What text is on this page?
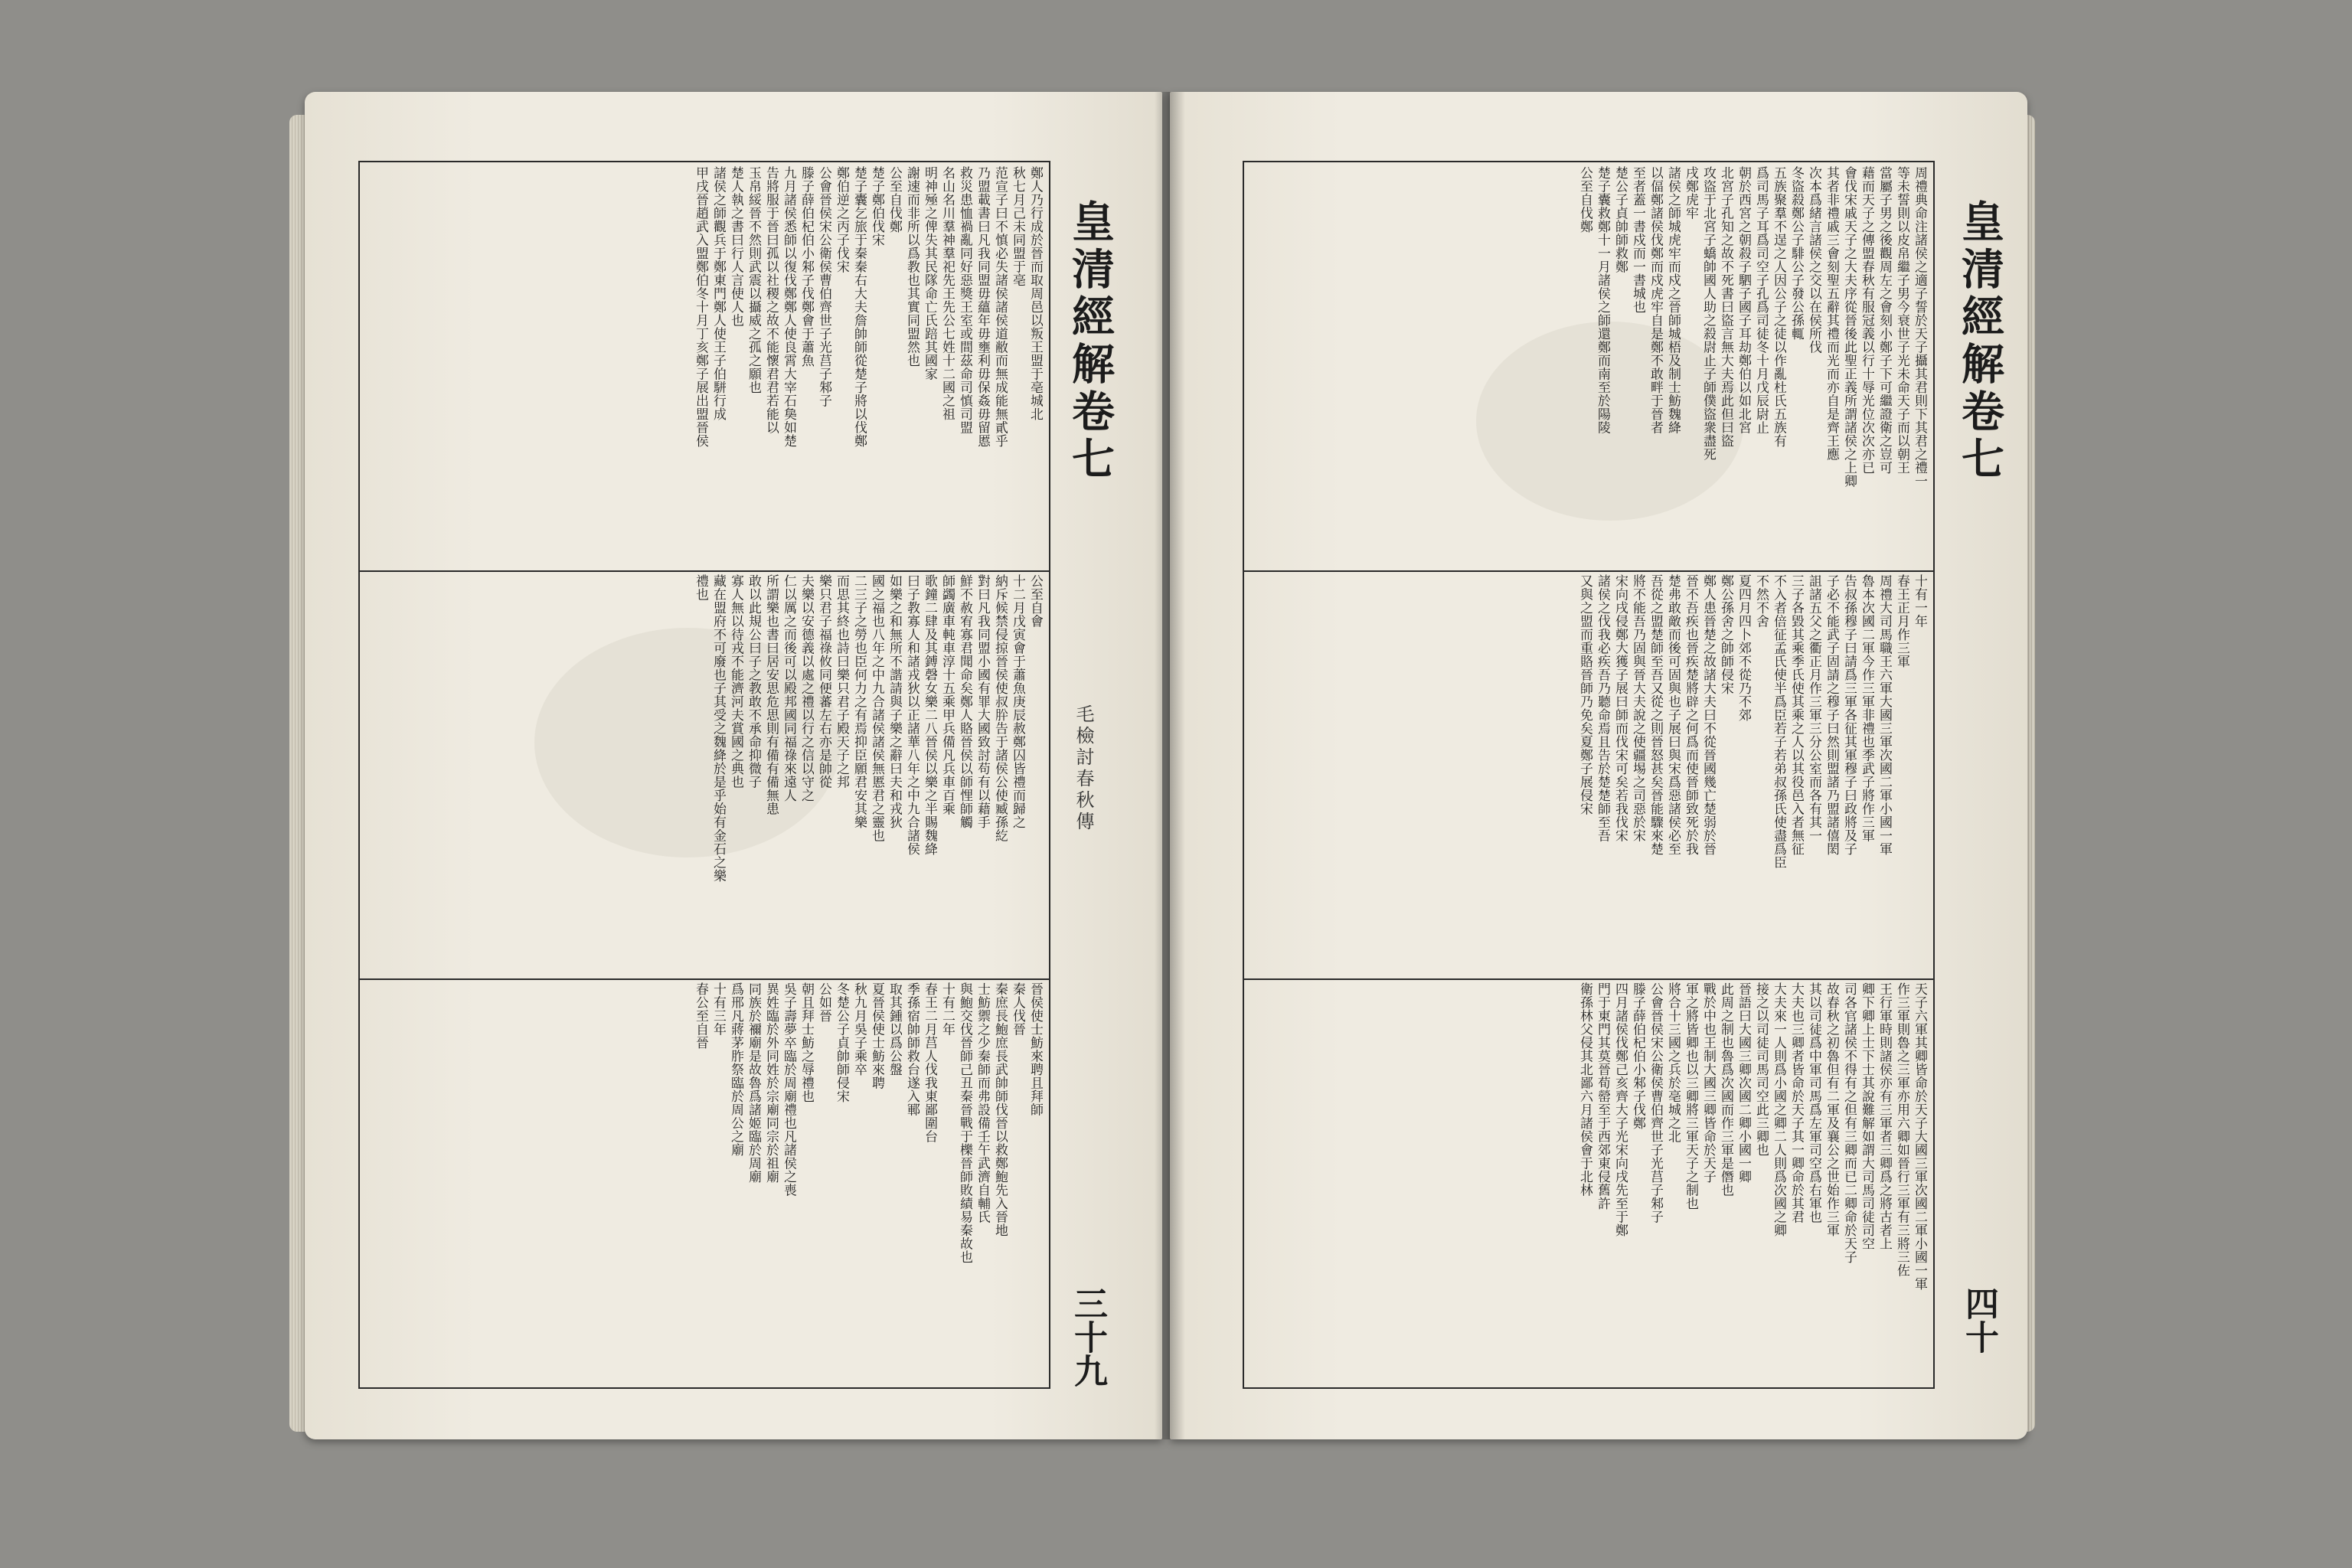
鄭人乃行成於晉而取周邑以叛王盟于亳城北
秋七月己未同盟于亳
范宣子曰不慎必失諸侯諸侯道敝而無成能無貳乎
乃盟載書曰凡我同盟毋蘊年毋壅利毋保姦毋留慝
救災患恤禍亂同好惡獎王室或間茲命司慎司盟
名山名川羣神羣祀先王先公七姓十二國之祖
明神殛之俾失其民隊命亡氏踣其國家
謝速而非所以爲教也其實同盟然也
公至自伐鄭
楚子鄭伯伐宋
楚子囊乞旅于秦秦右大夫詹帥師從楚子將以伐鄭
鄭伯逆之丙子伐宋
公會晉侯宋公衛侯曹伯齊世子光莒子邾子
滕子薛伯杞伯小邾子伐鄭會于蕭魚
九月諸侯悉師以復伐鄭鄭人使良霄大宰石㚟如楚
告將服于晉曰孤以社稷之故不能懷君君若能以
玉帛綏晉不然則武震以攝威之孤之願也
楚人執之書曰行人言使人也
諸侯之師觀兵于鄭東門鄭人使王子伯駢行成
甲戌晉趙武入盟鄭伯冬十月丁亥鄭子展出盟晉侯
公至自會
十二月戊寅會于蕭魚庚辰赦鄭囚皆禮而歸之
納斥候禁侵掠晉侯使叔肸告于諸侯公使臧孫紇
對曰凡我同盟小國有罪大國致討苟有以藉手
鮮不赦宥寡君聞命矣鄭人賂晉侯以師悝師觸
師蠲廣車軘車淳十五乘甲兵備凡兵車百乘
歌鐘二肆及其鎛磬女樂二八晉侯以樂之半賜魏絳
曰子教寡人和諸戎狄以正諸華八年之中九合諸侯
如樂之和無所不諧請與子樂之辭曰夫和戎狄
國之福也八年之中九合諸侯諸侯無慝君之靈也
二三子之勞也臣何力之有焉抑臣願君安其樂
而思其終也詩曰樂只君子殿天子之邦
樂只君子福祿攸同便蕃左右亦是帥從
夫樂以安德義以處之禮以行之信以守之
仁以厲之而後可以殿邦國同福祿來遠人
所謂樂也書曰居安思危思則有備有備無患
敢以此規公曰子之教敢不承命抑微子
寡人無以待戎不能濟河夫賞國之典也
藏在盟府不可廢也子其受之魏絳於是乎始有金石之樂
禮也
晉侯使士魴來聘且拜師
秦人伐晉
秦庶長鮑庶長武帥師伐晉以救鄭鮑先入晉地
士魴禦之少秦師而弗設備壬午武濟自輔氏
與鮑交伐晉師己丑秦晉戰于櫟晉師敗績易秦故也
十有二年
春王二月莒人伐我東鄙圍台
季孫宿帥師救台遂入鄆
取其鍾以爲公盤
夏晉侯使士魴來聘
秋九月吳子乘卒
冬楚公子貞帥師侵宋
公如晉
朝且拜士魴之辱禮也
吳子壽夢卒臨於周廟禮也凡諸侯之喪
異姓臨於外同姓於宗廟同宗於祖廟
同族於禰廟是故魯爲諸姬臨於周廟
爲邢凡蔣茅胙祭臨於周公之廟
十有三年
春公至自晉
皇清經解卷七
毛檢討春秋傳
三十九
周禮典命注諸侯之適子誓於天子攝其君則下其君之禮一
等未誓則以皮帛繼子男今衰世子光未命天子而以朝王
當屬子男之後觀周左之會刻小鄭子下可繼證衛之豈可
藉而天子之傳盟春秋有服冠義以行十辱光位次次亦已
會伐宋戚天子之大夫序從晉後此聖正義所謂諸侯之上卿
其者非禮戚三會刻聖五辭其禮而光而亦自是齊王應
次本爲緒言諸侯之交以在侯所伐
冬盜殺鄭公子騑公子發公孫輒
五族聚羣不逞之人因公子之徒以作亂杜氏五族有
爲司馬子耳爲司空子孔爲司徒冬十月戊辰尉止
朝於西宮之朝殺子駟子國子耳劫鄭伯以如北宮
北宮子孔知之故不死書曰盜言無大夫焉此但曰盜
攻盜于北宮子蟜帥國人助之殺尉止子師僕盜衆盡死
戌鄭虎牢
諸侯之師城虎牢而戍之晉師城梧及制士魴魏絳
以偪鄭諸侯伐鄭而戍虎牢自是鄭不敢畔于晉者
至者蓋一書戍而一書城也
楚公子貞帥師救鄭
楚子囊救鄭十一月諸侯之師還鄭而南至於陽陵
公至自伐鄭
十有一年
春王正月作三軍
周禮大司馬職王六軍大國三軍次國二軍小國一軍
魯本次國二軍今作三軍非禮也季武子將作三軍
告叔孫穆子曰請爲三軍各征其軍穆子曰政將及子
子必不能武子固請之穆子曰然則盟諸乃盟諸僖閎
詛諸五父之衢正月作三軍三分公室而各有其一
三子各毀其乘季氏使其乘之人以其役邑入者無征
不入者倍征孟氏使半爲臣若子若弟叔孫氏使盡爲臣
不然不舍
夏四月四卜郊不從乃不郊
鄭公孫舍之帥師侵宋
鄭人患晉楚之故諸大夫曰不從晉國幾亡楚弱於晉
晉不吾疾也晉疾楚將辟之何爲而使晉師致死於我
楚弗敢敵而後可固與也子展曰與宋爲惡諸侯必至
吾從之盟楚師至吾又從之則晉怒甚矣晉能驟來楚
將不能吾乃固與晉大夫說之使疆埸之司惡於宋
宋向戌侵鄭大獲子展曰師而伐宋可矣若我伐宋
諸侯之伐我必疾吾乃聽命焉且告於楚楚師至吾
又與之盟而重賂晉師乃免矣夏鄭子展侵宋
天子六軍其卿皆命於天子大國三軍次國二軍小國一軍
作三軍則魯之三軍亦用六卿如晉行三軍有三將三佐
王行軍時則諸侯亦有三軍者三卿爲之將古者上
卿下卿上士下士其說難解如謂大司馬司徒司空
司各官諸侯不得有之但有三卿而已二卿命於天子
故春秋之初魯但有二軍及襄公之世始作三軍
其以司徒爲中軍司馬爲左軍司空爲右軍也
大夫也三卿者皆命於天子其一卿命於其君
大夫來一人則爲小國之卿二人則爲次國之卿
接之以司徒司馬司空此三卿也
晉語曰大國三卿次國二卿小國一卿
此周之制也魯爲次國而作三軍是僭也
戰於中也王制大國三卿皆命於天子
軍之將皆卿也以三卿將三軍天子之制也
將合十三國之兵於亳城之北
公會晉侯宋公衛侯曹伯齊世子光莒子邾子
滕子薛伯杞伯小邾子伐鄭
四月諸侯伐鄭己亥齊大子光宋向戌先至于鄭
門于東門其莫晉荀罃至于西郊東侵舊許
衛孫林父侵其北鄙六月諸侯會于北林
皇清經解卷七
四十
